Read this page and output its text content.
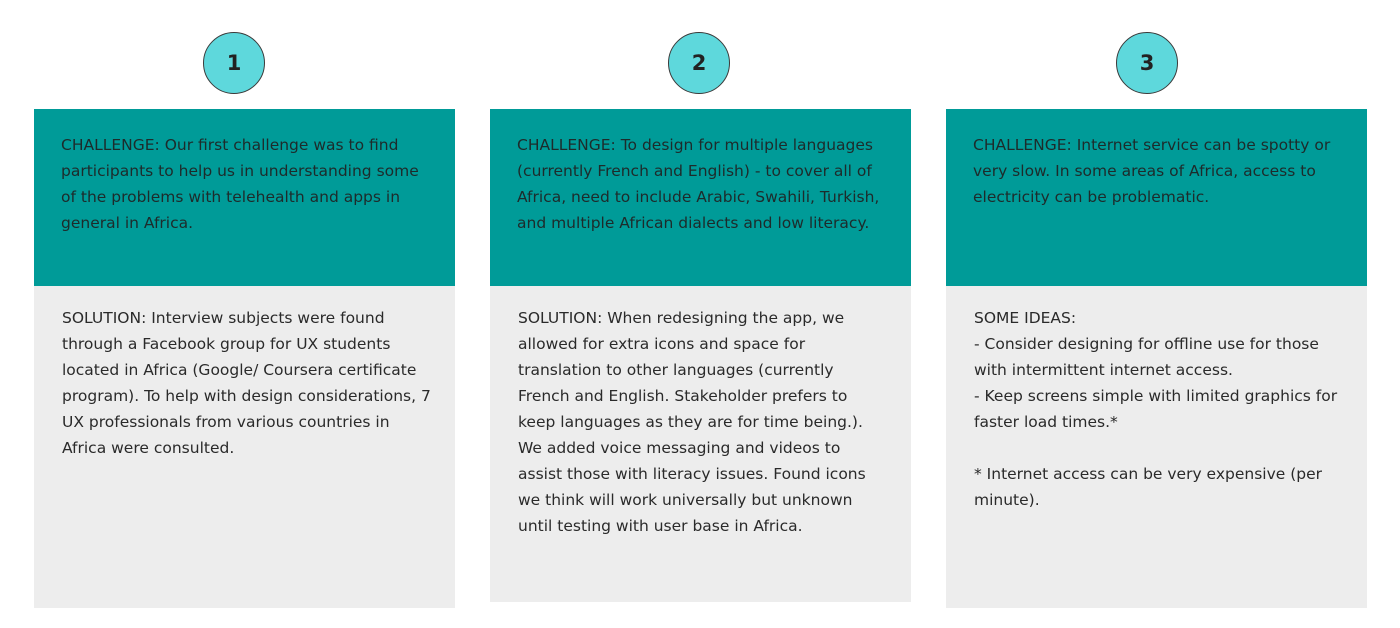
1

CHALLENGE: Our first challenge was to find participants to help us in understanding some of the problems with telehealth and apps in general in Africa.

SOLUTION: Interview subjects were found through a Facebook group for UX students located in Africa (Google/ Coursera certificate program). To help with design considerations, 7 UX professionals from various countries in Africa were consulted.

2

CHALLENGE: To design for multiple languages (currently French and English) - to cover all of Africa, need to include Arabic, Swahili, Turkish, and multiple African dialects and low literacy.

SOLUTION: When redesigning the app, we allowed for extra icons and space for translation to other languages (currently French and English. Stakeholder prefers to keep languages as they are for time being.). We added voice messaging and videos to assist those with literacy issues. Found icons we think will work universally but unknown until testing with user base in Africa.

3

CHALLENGE: Internet service can be spotty or very slow. In some areas of Africa, access to electricity can be problematic.

SOME IDEAS:

- Consider designing for offline use for those with intermittent internet access.

- Keep screens simple with limited graphics for faster load times.*

* Internet access can be very expensive (per minute).
